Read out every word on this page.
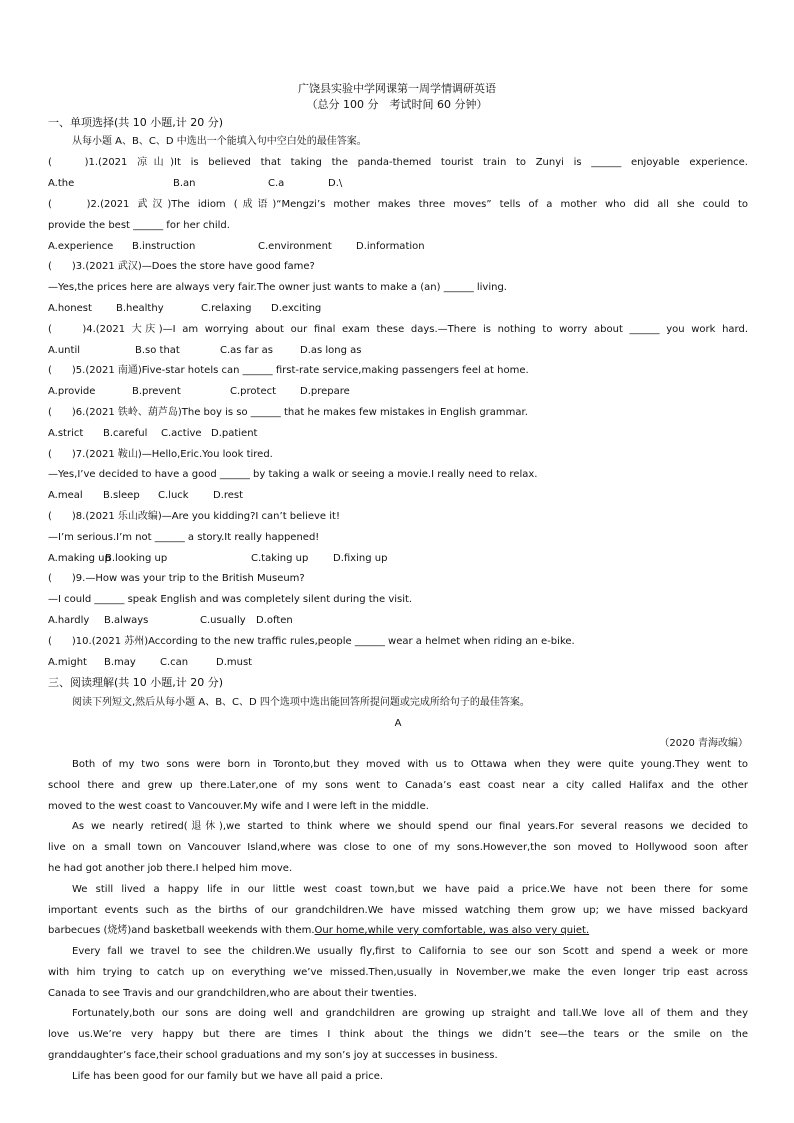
广饶县实验中学网课第一周学情调研英语
（总分 100 分　考试时间 60 分钟）
一、单项选择(共 10 小题,计 20 分)
从每小题 A、B、C、D 中选出一个能填入句中空白处的最佳答案。
(　 )1.(2021 凉山)It is believed that taking the panda-themed tourist train to Zunyi is ______ enjoyable experience.
A.the	B.an	C.a	D.\
(　　)2.(2021 武汉)The idiom (成语)“Mengzi’s mother makes three moves” tells of a mother who did all she could to
provide the best ______ for her child.
A.experience B.instruction	C.environment D.information
(　　)3.(2021 武汉)—Does the store have good fame?
—Yes,the prices here are always very fair.The owner just wants to make a (an) ______ living.
A.honest B.healthy	C.relaxing D.exciting
(　　)4.(2021 大庆)—I am worrying about our final exam these days.—There is nothing to worry about ______ you work hard.
A.until	B.so that	C.as far as	D.as long as
(　　)5.(2021 南通)Five-star hotels can ______ first-rate service,making passengers feel at home.
A.provide	B.prevent	C.protect D.prepare
(　　)6.(2021 铁岭、葫芦岛)The boy is so ______ that he makes few mistakes in English grammar.
A.strict B.careful C.active D.patient
(　　)7.(2021 鞍山)—Hello,Eric.You look tired.
—Yes,I’ve decided to have a good ______ by taking a walk or seeing a movie.I really need to relax.
A.meal B.sleep C.luck D.rest
(　　)8.(2021 乐山改编)—Are you kidding?I can’t believe it!
—I’m serious.I’m not ______ a story.It really happened!
A.making upB.looking up	C.taking up D.fixing up
(　　)9.—How was your trip to the British Museum?
—I could ______ speak English and was completely silent during the visit.
A.hardly B.always	C.usually D.often
(　　)10.(2021 苏州)According to the new traffic rules,people ______ wear a helmet when riding an e-bike.
A.might B.may C.can	D.must
三、阅读理解(共 10 小题,计 20 分)
阅读下列短文,然后从每小题 A、B、C、D 四个选项中选出能回答所提问题或完成所给句子的最佳答案。
A
（2020 青海改编）
Both of my two sons were born in Toronto,but they moved with us to Ottawa when they were quite young.They went to
school there and grew up there.Later,one of my sons went to Canada’s east coast near a city called Halifax and the other
moved to the west coast to Vancouver.My wife and I were left in the middle.
As we nearly retired(退休),we started to think where we should spend our final years.For several reasons we decided to
live on a small town on Vancouver Island,where was close to one of my sons.However,the son moved to Hollywood soon after
he had got another job there.I helped him move.
We still lived a happy life in our little west coast town,but we have paid a price.We have not been there for some
important events such as the births of our grandchildren.We have missed watching them grow up; we have missed backyard
barbecues (烧烤)and basketball weekends with them.Our home,while very comfortable, was also very quiet.
Every fall we travel to see the children.We usually fly,first to California to see our son Scott and spend a week or more
with him trying to catch up on everything we’ve missed.Then,usually in November,we make the even longer trip east across
Canada to see Travis and our grandchildren,who are about their twenties.
Fortunately,both our sons are doing well and grandchildren are growing up straight and tall.We love all of them and they
love us.We’re very happy but there are times I think about the things we didn’t see—the tears or the smile on the
granddaughter’s face,their school graduations and my son’s joy at successes in business.
Life has been good for our family but we have all paid a price.
